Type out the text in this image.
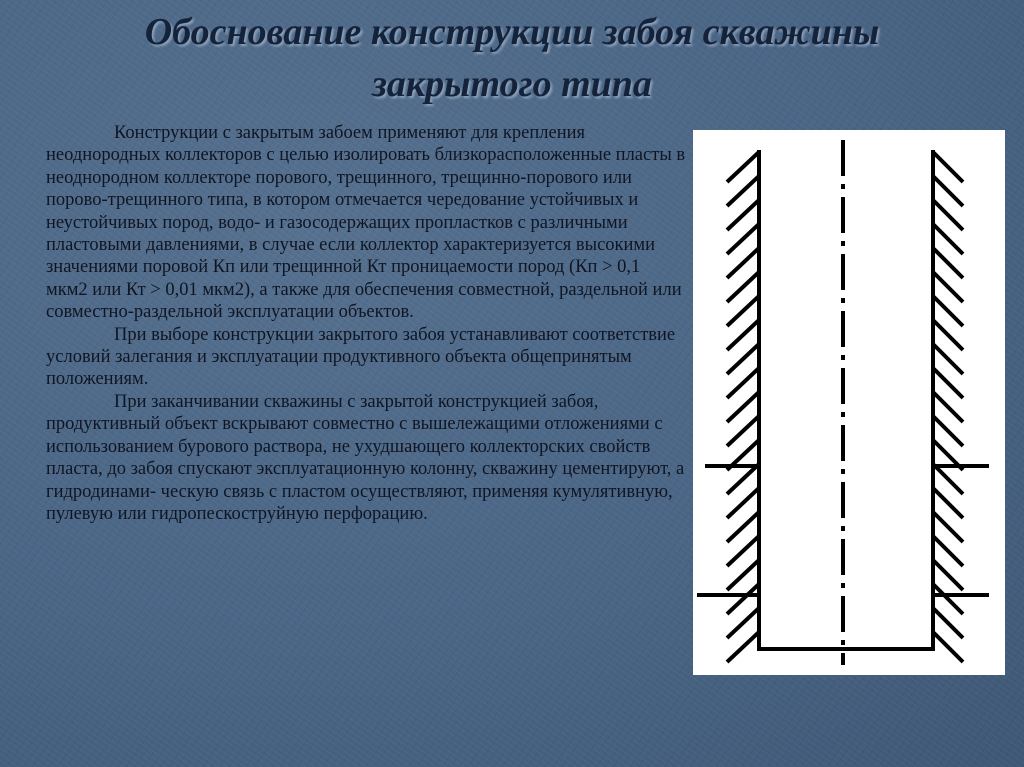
Обоснование конструкции забоя скважины
закрытого типа

Конструкции с закрытым забоем применяют для крепления неоднородных коллекторов с целью изолировать близкорасположенные пласты в неоднородном коллекторе порового, трещинного, трещинно-порового или порово-трещинного типа, в котором отмечается чередование устойчивых и неустойчивых пород, водо- и газосодержащих пропластков с различными пластовыми давлениями, в случае если коллектор характеризуется высокими значениями поровой Кп или трещинной Кт проницаемости пород (Кп > 0,1 мкм2 или Кт > 0,01 мкм2), а также для обеспечения совместной, раздельной или совместно-раздельной эксплуатации объектов.

При выборе конструкции закрытого забоя устанавливают соответствие условий залегания и эксплуатации продуктивного объекта общепринятым положениям.

При заканчивании скважины с закрытой конструкцией забоя, продуктивный объект вскрывают совместно с вышележащими отложениями с использованием бурового раствора, не ухудшающего коллекторских свойств пласта, до забоя спускают эксплуатационную колонну, скважину цементируют, а гидродинами- ческую связь с пластом осуществляют, применяя кумулятивную, пулевую или гидропескоструйную перфорацию.
